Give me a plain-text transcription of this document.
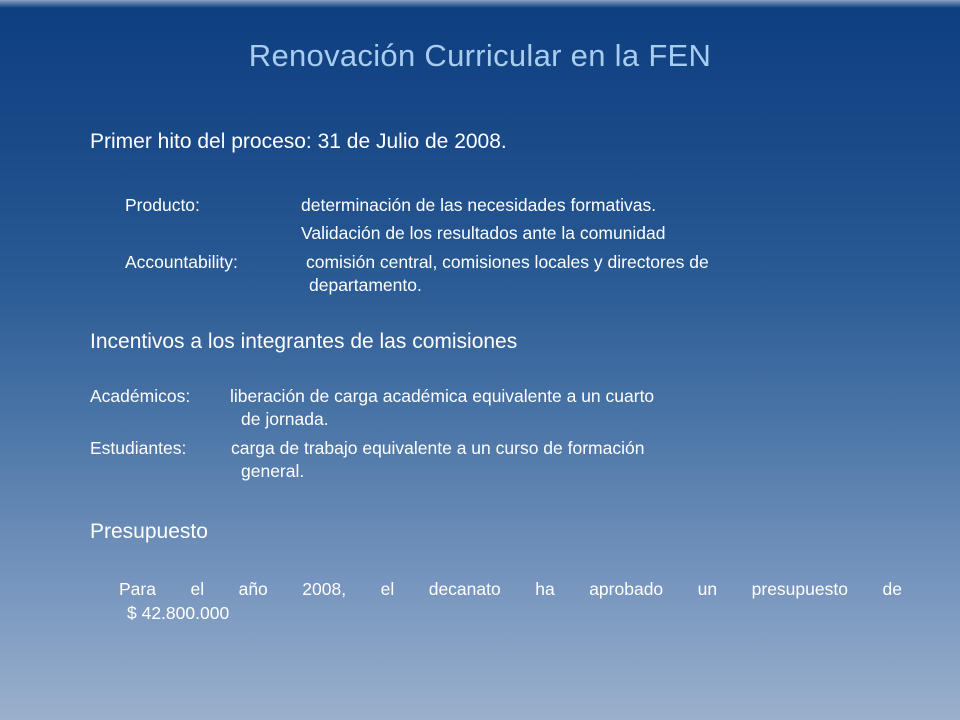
Renovación Curricular en la FEN
Primer hito del proceso: 31 de Julio de 2008.
Producto:	determinación de las necesidades formativas.
Validación de los resultados ante la comunidad
Accountability:	comisión central, comisiones locales y directores de
departamento.
Incentivos a los integrantes de las comisiones
Académicos: liberación de carga académica equivalente a un cuarto
de jornada.
Estudiantes:	carga de trabajo equivalente a un curso de formación
general.
Presupuesto
Para el año 2008, el decanato ha aprobado un presupuesto de
$ 42.800.000
